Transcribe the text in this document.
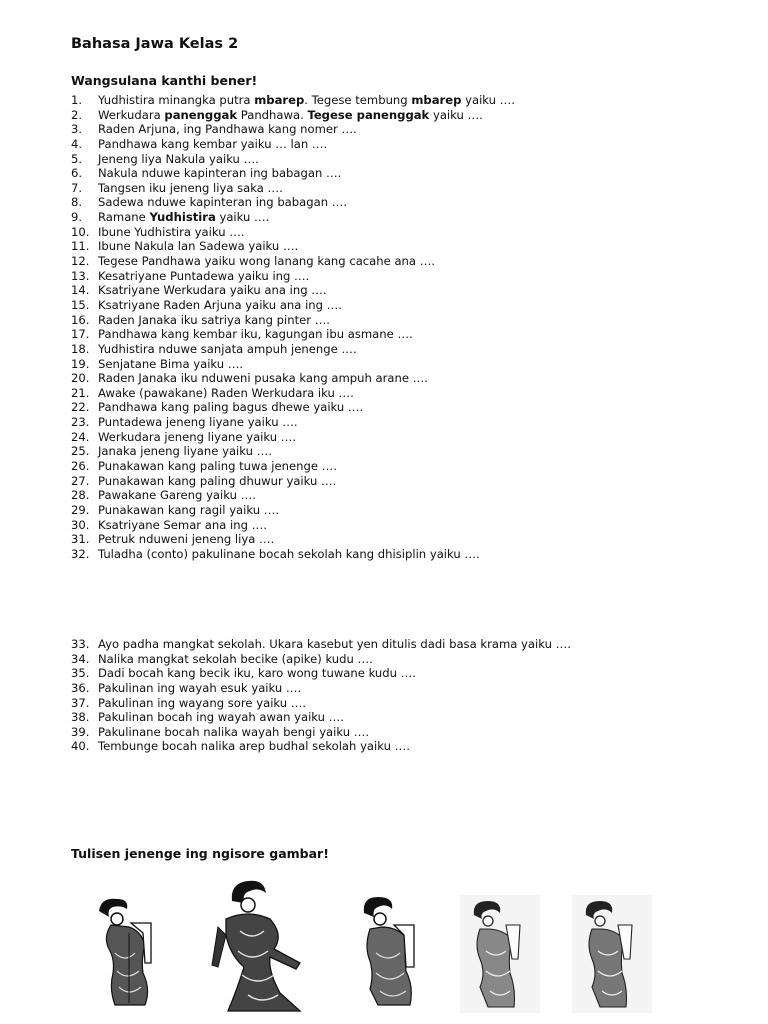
Bahasa Jawa Kelas 2
Wangsulana kanthi bener!
1. Yudhistira minangka putra mbarep. Tegese tembung mbarep yaiku ….
2. Werkudara panenggak Pandhawa. Tegese panenggak yaiku ….
3. Raden Arjuna, ing Pandhawa kang nomer ….
4. Pandhawa kang kembar yaiku … lan ….
5. Jeneng liya Nakula yaiku ….
6. Nakula nduwe kapinteran ing babagan ….
7. Tangsen iku jeneng liya saka ….
8. Sadewa nduwe kapinteran ing babagan ….
9. Ramane Yudhistira yaiku ….
10. Ibune Yudhistira yaiku ….
11. Ibune Nakula lan Sadewa yaiku ….
12. Tegese Pandhawa yaiku wong lanang kang cacahe ana ….
13. Kesatriyane Puntadewa yaiku ing ….
14. Ksatriyane Werkudara yaiku ana ing ….
15. Ksatriyane Raden Arjuna yaiku ana ing ….
16. Raden Janaka iku satriya kang pinter ….
17. Pandhawa kang kembar iku, kagungan ibu asmane ….
18. Yudhistira nduwe sanjata ampuh jenenge ….
19. Senjatane Bima yaiku ….
20. Raden Janaka iku nduweni pusaka kang ampuh arane ….
21. Awake (pawakane) Raden Werkudara iku ….
22. Pandhawa kang paling bagus dhewe yaiku ….
23. Puntadewa jeneng liyane yaiku ….
24. Werkudara jeneng liyane yaiku ….
25. Janaka jeneng liyane yaiku ….
26. Punakawan kang paling tuwa jenenge ….
27. Punakawan kang paling dhuwur yaiku ….
28. Pawakane Gareng yaiku ….
29. Punakawan kang ragil yaiku ….
30. Ksatriyane Semar ana ing ….
31. Petruk nduweni jeneng liya ….
32. Tuladha (conto) pakulinane bocah sekolah kang dhisiplin yaiku ….
33. Ayo padha mangkat sekolah. Ukara kasebut yen ditulis dadi basa krama yaiku ….
34. Nalika mangkat sekolah becike (apike) kudu ….
35. Dadi bocah kang becik iku, karo wong tuwane kudu ….
36. Pakulinan ing wayah esuk yaiku ….
37. Pakulinan ing wayang sore yaiku ….
38. Pakulinan bocah ing wayah awan yaiku ….
39. Pakulinane bocah nalika wayah bengi yaiku ….
40. Tembunge bocah nalika arep budhal sekolah yaiku ….
Tulisen jenenge ing ngisore gambar!
